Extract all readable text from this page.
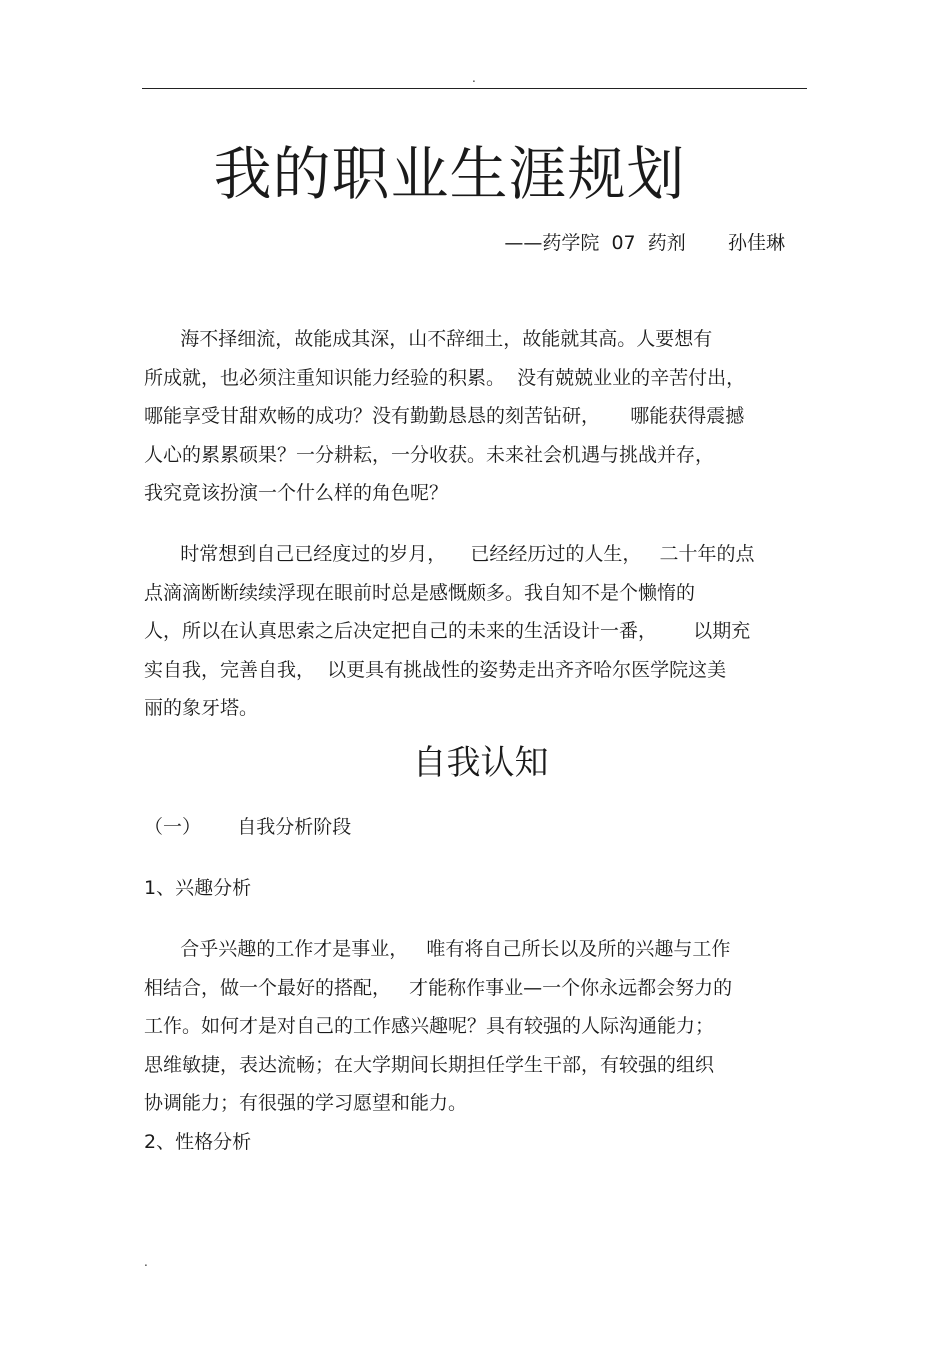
.
我的职业生涯规划
——药学院  07  药剂       孙佳琳
海不择细流，故能成其深，山不辞细土，故能就其高。人要想有
所成就，也必须注重知识能力经验的积累。  没有兢兢业业的辛苦付出，
哪能享受甘甜欢畅的成功？没有勤勤恳恳的刻苦钻研，     哪能获得震撼
人心的累累硕果？一分耕耘，一分收获。未来社会机遇与挑战并存，
我究竟该扮演一个什么样的角色呢？
时常想到自己已经度过的岁月，    已经经历过的人生，   二十年的点
点滴滴断断续续浮现在眼前时总是感慨颇多。我自知不是个懒惰的
人，所以在认真思索之后决定把自己的未来的生活设计一番，      以期充
实自我，完善自我，  以更具有挑战性的姿势走出齐齐哈尔医学院这美
丽的象牙塔。
自我认知
（一）      自我分析阶段
1、兴趣分析
合乎兴趣的工作才是事业，   唯有将自己所长以及所的兴趣与工作
相结合，做一个最好的搭配，   才能称作事业—一个你永远都会努力的
工作。如何才是对自己的工作感兴趣呢？具有较强的人际沟通能力；
思维敏捷，表达流畅；在大学期间长期担任学生干部，有较强的组织
协调能力；有很强的学习愿望和能力。
2、性格分析
.
